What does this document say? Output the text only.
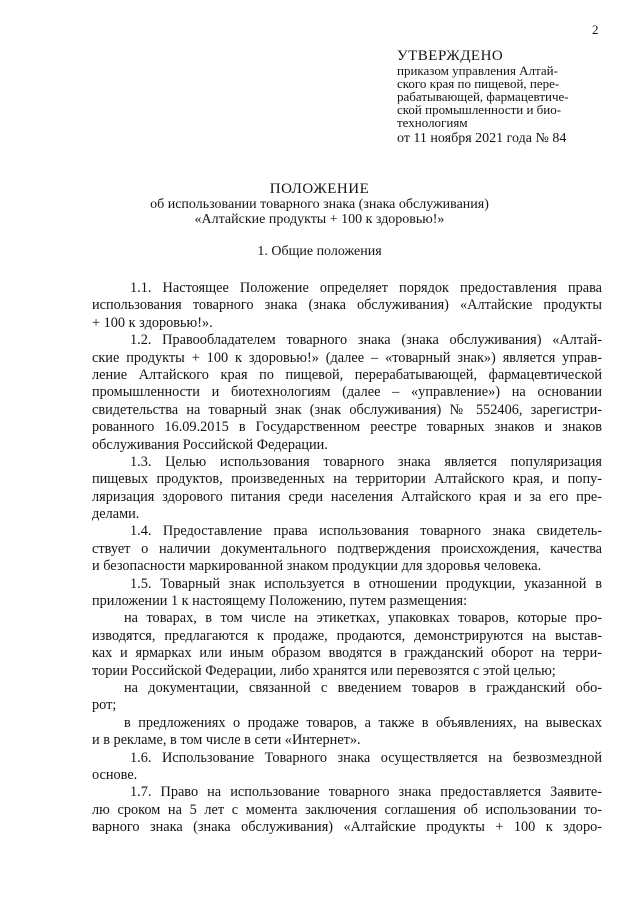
2
УТВЕРЖДЕНО
приказом управления Алтай-
ского края по пищевой, пере-
рабатывающей, фармацевтиче-
ской промышленности и био-
технологиям
от 11 ноября 2021 года № 84
ПОЛОЖЕНИЕ
об использовании товарного знака (знака обслуживания)
«Алтайские продукты + 100 к здоровью!»
1. Общие положения
1.1. Настоящее Положение определяет порядок предоставления права
использования товарного знака (знака обслуживания) «Алтайские продукты
+ 100 к здоровью!».
1.2. Правообладателем товарного знака (знака обслуживания) «Алтай-
ские продукты + 100 к здоровью!» (далее – «товарный знак») является управ-
ление Алтайского края по пищевой, перерабатывающей, фармацевтической
промышленности и биотехнологиям (далее – «управление») на основании
свидетельства на товарный знак (знак обслуживания) № 552406, зарегистри-
рованного 16.09.2015 в Государственном реестре товарных знаков и знаков
обслуживания Российской Федерации.
1.3. Целью использования товарного знака является популяризация
пищевых продуктов, произведенных на территории Алтайского края, и попу-
ляризация здорового питания среди населения Алтайского края и за его пре-
делами.
1.4. Предоставление права использования товарного знака свидетель-
ствует о наличии документального подтверждения происхождения, качества
и безопасности маркированной знаком продукции для здоровья человека.
1.5. Товарный знак используется в отношении продукции, указанной в
приложении 1 к настоящему Положению, путем размещения:
на товарах, в том числе на этикетках, упаковках товаров, которые про-
изводятся, предлагаются к продаже, продаются, демонстрируются на выстав-
ках и ярмарках или иным образом вводятся в гражданский оборот на терри-
тории Российской Федерации, либо хранятся или перевозятся с этой целью;
на документации, связанной с введением товаров в гражданский обо-
рот;
в предложениях о продаже товаров, а также в объявлениях, на вывесках
и в рекламе, в том числе в сети «Интернет».
1.6. Использование Товарного знака осуществляется на безвозмездной
основе.
1.7. Право на использование товарного знака предоставляется Заявите-
лю сроком на 5 лет с момента заключения соглашения об использовании то-
варного знака (знака обслуживания) «Алтайские продукты + 100 к здоро-
